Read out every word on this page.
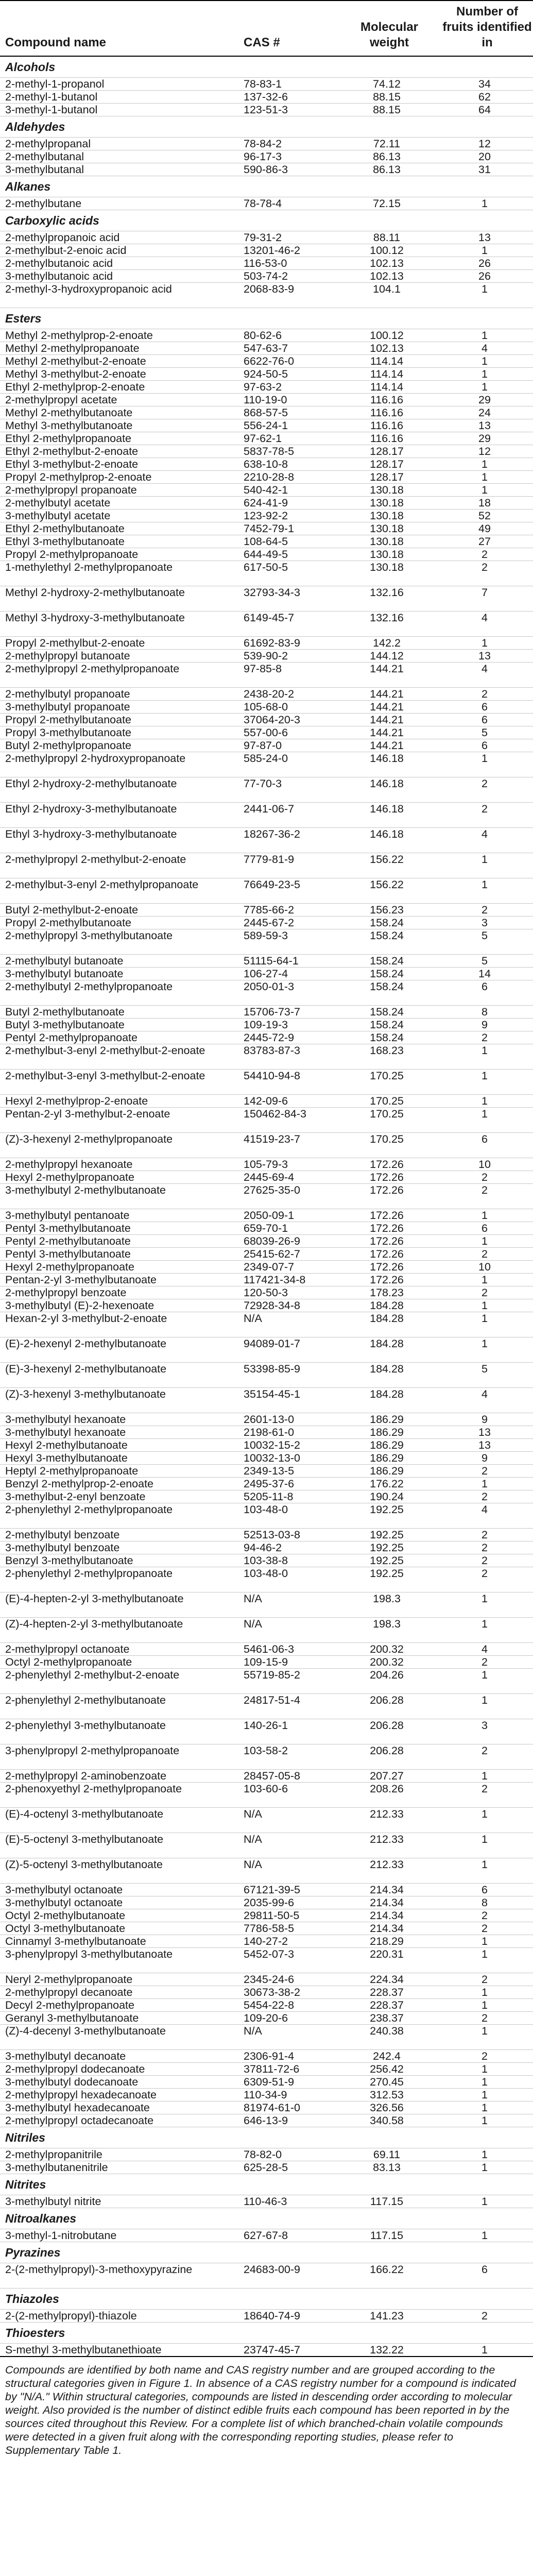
Compound name	CAS #	Molecular weight	Number of fruits identified in
Alcohols			
2-methyl-1-propanol	78-83-1	74.12	34
2-methyl-1-butanol	137-32-6	88.15	62
3-methyl-1-butanol	123-51-3	88.15	64
Aldehydes			
2-methylpropanal	78-84-2	72.11	12
2-methylbutanal	96-17-3	86.13	20
3-methylbutanal	590-86-3	86.13	31
Alkanes			
2-methylbutane	78-78-4	72.15	1
Carboxylic acids			
2-methylpropanoic acid	79-31-2	88.11	13
2-methylbut-2-enoic acid	13201-46-2	100.12	1
2-methylbutanoic acid	116-53-0	102.13	26
3-methylbutanoic acid	503-74-2	102.13	26
2-methyl-3-hydroxypropanoic acid	2068-83-9	104.1	1
Esters			
Methyl 2-methylprop-2-enoate	80-62-6	100.12	1
Methyl 2-methylpropanoate	547-63-7	102.13	4
Methyl 2-methylbut-2-enoate	6622-76-0	114.14	1
Methyl 3-methylbut-2-enoate	924-50-5	114.14	1
Ethyl 2-methylprop-2-enoate	97-63-2	114.14	1
2-methylpropyl acetate	110-19-0	116.16	29
Methyl 2-methylbutanoate	868-57-5	116.16	24
Methyl 3-methylbutanoate	556-24-1	116.16	13
Ethyl 2-methylpropanoate	97-62-1	116.16	29
Ethyl 2-methylbut-2-enoate	5837-78-5	128.17	12
Ethyl 3-methylbut-2-enoate	638-10-8	128.17	1
Propyl 2-methylprop-2-enoate	2210-28-8	128.17	1
2-methylpropyl propanoate	540-42-1	130.18	1
2-methylbutyl acetate	624-41-9	130.18	18
3-methylbutyl acetate	123-92-2	130.18	52
Ethyl 2-methylbutanoate	7452-79-1	130.18	49
Ethyl 3-methylbutanoate	108-64-5	130.18	27
Propyl 2-methylpropanoate	644-49-5	130.18	2
1-methylethyl 2-methylpropanoate	617-50-5	130.18	2
Methyl 2-hydroxy-2-methylbutanoate	32793-34-3	132.16	7
Methyl 3-hydroxy-3-methylbutanoate	6149-45-7	132.16	4
Propyl 2-methylbut-2-enoate	61692-83-9	142.2	1
2-methylpropyl butanoate	539-90-2	144.12	13
2-methylpropyl 2-methylpropanoate	97-85-8	144.21	4
2-methylbutyl propanoate	2438-20-2	144.21	2
3-methylbutyl propanoate	105-68-0	144.21	6
Propyl 2-methylbutanoate	37064-20-3	144.21	6
Propyl 3-methylbutanoate	557-00-6	144.21	5
Butyl 2-methylpropanoate	97-87-0	144.21	6
2-methylpropyl 2-hydroxypropanoate	585-24-0	146.18	1
Ethyl 2-hydroxy-2-methylbutanoate	77-70-3	146.18	2
Ethyl 2-hydroxy-3-methylbutanoate	2441-06-7	146.18	2
Ethyl 3-hydroxy-3-methylbutanoate	18267-36-2	146.18	4
2-methylpropyl 2-methylbut-2-enoate	7779-81-9	156.22	1
2-methylbut-3-enyl 2-methylpropanoate	76649-23-5	156.22	1
Butyl 2-methylbut-2-enoate	7785-66-2	156.23	2
Propyl 2-methylbutanoate	2445-67-2	158.24	3
2-methylpropyl 3-methylbutanoate	589-59-3	158.24	5
2-methylbutyl butanoate	51115-64-1	158.24	5
3-methylbutyl butanoate	106-27-4	158.24	14
2-methylbutyl 2-methylpropanoate	2050-01-3	158.24	6
Butyl 2-methylbutanoate	15706-73-7	158.24	8
Butyl 3-methylbutanoate	109-19-3	158.24	9
Pentyl 2-methylpropanoate	2445-72-9	158.24	2
2-methylbut-3-enyl 2-methylbut-2-enoate	83783-87-3	168.23	1
2-methylbut-3-enyl 3-methylbut-2-enoate	54410-94-8	170.25	1
Hexyl 2-methylprop-2-enoate	142-09-6	170.25	1
Pentan-2-yl 3-methylbut-2-enoate	150462-84-3	170.25	1
(Z)-3-hexenyl 2-methylpropanoate	41519-23-7	170.25	6
2-methylpropyl hexanoate	105-79-3	172.26	10
Hexyl 2-methylpropanoate	2445-69-4	172.26	2
3-methylbutyl 2-methylbutanoate	27625-35-0	172.26	2
3-methylbutyl pentanoate	2050-09-1	172.26	1
Pentyl 3-methylbutanoate	659-70-1	172.26	6
Pentyl 2-methylbutanoate	68039-26-9	172.26	1
Pentyl 3-methylbutanoate	25415-62-7	172.26	2
Hexyl 2-methylpropanoate	2349-07-7	172.26	10
Pentan-2-yl 3-methylbutanoate	117421-34-8	172.26	1
2-methylpropyl benzoate	120-50-3	178.23	2
3-methylbutyl (E)-2-hexenoate	72928-34-8	184.28	1
Hexan-2-yl 3-methylbut-2-enoate	N/A	184.28	1
(E)-2-hexenyl 2-methylbutanoate	94089-01-7	184.28	1
(E)-3-hexenyl 2-methylbutanoate	53398-85-9	184.28	5
(Z)-3-hexenyl 3-methylbutanoate	35154-45-1	184.28	4
3-methylbutyl hexanoate	2601-13-0	186.29	9
3-methylbutyl hexanoate	2198-61-0	186.29	13
Hexyl 2-methylbutanoate	10032-15-2	186.29	13
Hexyl 3-methylbutanoate	10032-13-0	186.29	9
Heptyl 2-methylpropanoate	2349-13-5	186.29	2
Benzyl 2-methylprop-2-enoate	2495-37-6	176.22	1
3-methylbut-2-enyl benzoate	5205-11-8	190.24	2
2-phenylethyl 2-methylpropanoate	103-48-0	192.25	4
2-methylbutyl benzoate	52513-03-8	192.25	2
3-methylbutyl benzoate	94-46-2	192.25	2
Benzyl 3-methylbutanoate	103-38-8	192.25	2
2-phenylethyl 2-methylpropanoate	103-48-0	192.25	2
(E)-4-hepten-2-yl 3-methylbutanoate	N/A	198.3	1
(Z)-4-hepten-2-yl 3-methylbutanoate	N/A	198.3	1
2-methylpropyl octanoate	5461-06-3	200.32	4
Octyl 2-methylpropanoate	109-15-9	200.32	2
2-phenylethyl 2-methylbut-2-enoate	55719-85-2	204.26	1
2-phenylethyl 2-methylbutanoate	24817-51-4	206.28	1
2-phenylethyl 3-methylbutanoate	140-26-1	206.28	3
3-phenylpropyl 2-methylpropanoate	103-58-2	206.28	2
2-methylpropyl 2-aminobenzoate	28457-05-8	207.27	1
2-phenoxyethyl 2-methylpropanoate	103-60-6	208.26	2
(E)-4-octenyl 3-methylbutanoate	N/A	212.33	1
(E)-5-octenyl 3-methylbutanoate	N/A	212.33	1
(Z)-5-octenyl 3-methylbutanoate	N/A	212.33	1
3-methylbutyl octanoate	67121-39-5	214.34	6
3-methylbutyl octanoate	2035-99-6	214.34	8
Octyl 2-methylbutanoate	29811-50-5	214.34	2
Octyl 3-methylbutanoate	7786-58-5	214.34	2
Cinnamyl 3-methylbutanoate	140-27-2	218.29	1
3-phenylpropyl 3-methylbutanoate	5452-07-3	220.31	1
Neryl 2-methylpropanoate	2345-24-6	224.34	2
2-methylpropyl decanoate	30673-38-2	228.37	1
Decyl 2-methylpropanoate	5454-22-8	228.37	1
Geranyl 3-methylbutanoate	109-20-6	238.37	2
(Z)-4-decenyl 3-methylbutanoate	N/A	240.38	1
3-methylbutyl decanoate	2306-91-4	242.4	2
2-methylpropyl dodecanoate	37811-72-6	256.42	1
3-methylbutyl dodecanoate	6309-51-9	270.45	1
2-methylpropyl hexadecanoate	110-34-9	312.53	1
3-methylbutyl hexadecanoate	81974-61-0	326.56	1
2-methylpropyl octadecanoate	646-13-9	340.58	1
Nitriles			
2-methylpropanitrile	78-82-0	69.11	1
3-methylbutanenitrile	625-28-5	83.13	1
Nitrites			
3-methylbutyl nitrite	110-46-3	117.15	1
Nitroalkanes			
3-methyl-1-nitrobutane	627-67-8	117.15	1
Pyrazines			
2-(2-methylpropyl)-3-methoxypyrazine	24683-00-9	166.22	6
Thiazoles			
2-(2-methylpropyl)-thiazole	18640-74-9	141.23	2
Thioesters			
S-methyl 3-methylbutanethioate	23747-45-7	132.22	1
Compounds are identified by both name and CAS registry number and are grouped according to the structural categories given in Figure 1. In absence of a CAS registry number for a compound is indicated by "N/A." Within structural categories, compounds are listed in descending order according to molecular weight. Also provided is the number of distinct edible fruits each compound has been reported in by the sources cited throughout this Review. For a complete list of which branched-chain volatile compounds were detected in a given fruit along with the corresponding reporting studies, please refer to Supplementary Table 1.
